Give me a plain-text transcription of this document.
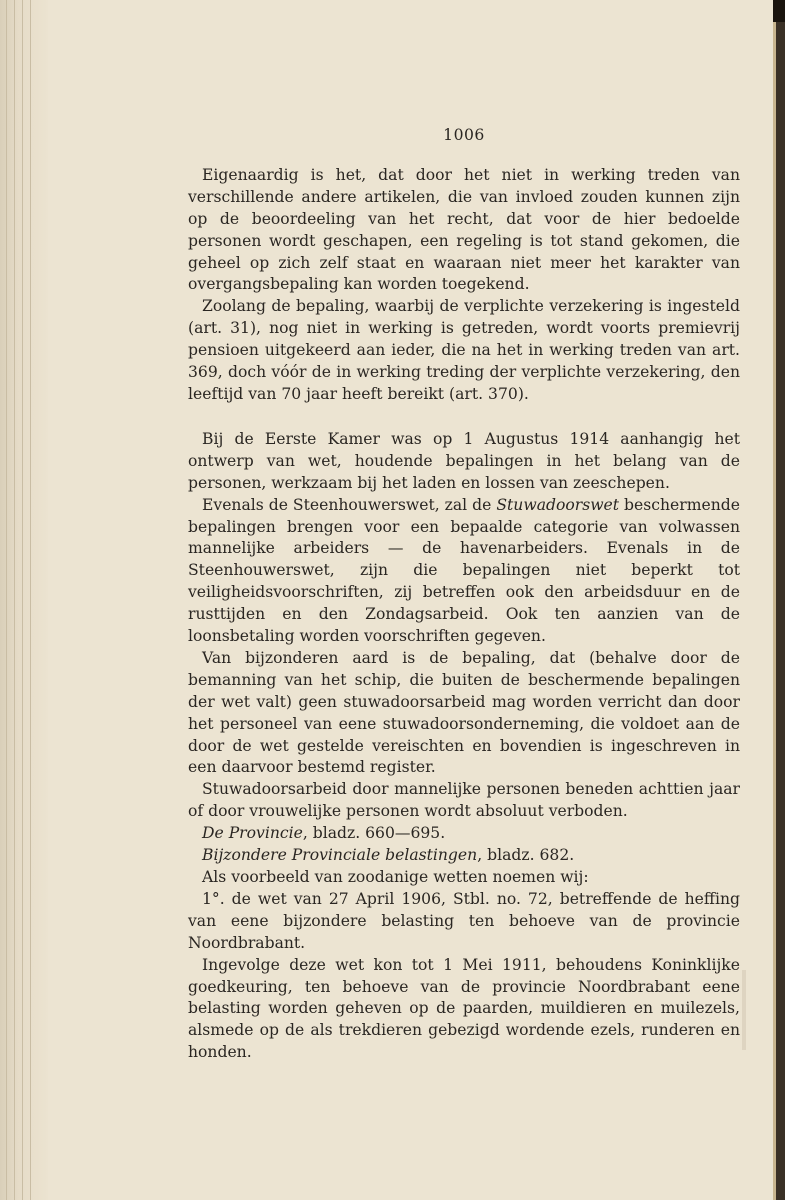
1006

Eigenaardig is het, dat door het niet in werking treden van verschillende andere artikelen, die van invloed zouden kunnen zijn op de beoordeeling van het recht, dat voor de hier bedoelde personen wordt geschapen, een regeling is tot stand gekomen, die geheel op zich zelf staat en waaraan niet meer het karakter van overgangsbepaling kan worden toegekend.

Zoolang de bepaling, waarbij de verplichte verzekering is ingesteld (art. 31), nog niet in werking is getreden, wordt voorts premievrij pensioen uitgekeerd aan ieder, die na het in werking treden van art. 369, doch vóór de in werking treding der verplichte verzekering, den leeftijd van 70 jaar heeft bereikt (art. 370).

Bij de Eerste Kamer was op 1 Augustus 1914 aanhangig het ontwerp van wet, houdende bepalingen in het belang van de personen, werkzaam bij het laden en lossen van zeeschepen.

Evenals de Steenhouwerswet, zal de Stuwadoorswet beschermende bepalingen brengen voor een bepaalde categorie van volwassen mannelijke arbeiders — de havenarbeiders. Evenals in de Steenhouwerswet, zijn die bepalingen niet beperkt tot veiligheidsvoorschriften, zij betreffen ook den arbeidsduur en de rusttijden en den Zondagsarbeid. Ook ten aanzien van de loonsbetaling worden voorschriften gegeven.

Van bijzonderen aard is de bepaling, dat (behalve door de bemanning van het schip, die buiten de beschermende bepalingen der wet valt) geen stuwadoorsarbeid mag worden verricht dan door het personeel van eene stuwadoorsonderneming, die voldoet aan de door de wet gestelde vereischten en bovendien is ingeschreven in een daarvoor bestemd register.

Stuwadoorsarbeid door mannelijke personen beneden achttien jaar of door vrouwelijke personen wordt absoluut verboden.

De Provincie, bladz. 660—695.

Bijzondere Provinciale belastingen, bladz. 682.

Als voorbeeld van zoodanige wetten noemen wij:

1°. de wet van 27 April 1906, Stbl. no. 72, betreffende de heffing van eene bijzondere belasting ten behoeve van de provincie Noordbrabant.

Ingevolge deze wet kon tot 1 Mei 1911, behoudens Koninklijke goedkeuring, ten behoeve van de provincie Noordbrabant eene belasting worden geheven op de paarden, muildieren en muilezels, alsmede op de als trekdieren gebezigd wordende ezels, runderen en honden.
